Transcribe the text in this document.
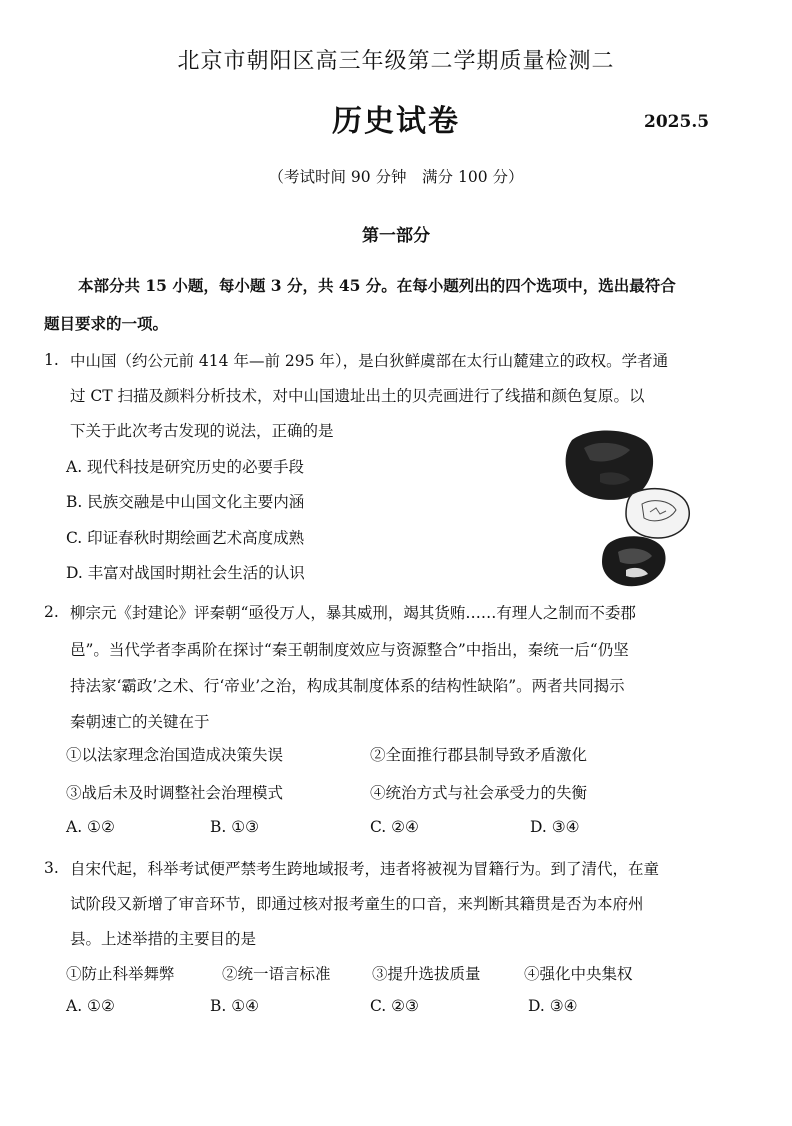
北京市朝阳区高三年级第二学期质量检测二
历史试卷	2025.5
（考试时间 90 分钟　满分 100 分）
第一部分
本部分共 15 小题，每小题 3 分，共 45 分。在每小题列出的四个选项中，选出最符合
题目要求的一项。
1. 中山国（约公元前 414 年—前 295 年），是白狄鲜虞部在太行山麓建立的政权。学者通
过 CT 扫描及颜料分析技术，对中山国遗址出土的贝壳画进行了线描和颜色复原。以
下关于此次考古发现的说法，正确的是
A. 现代科技是研究历史的必要手段
B. 民族交融是中山国文化主要内涵
C. 印证春秋时期绘画艺术高度成熟
D. 丰富对战国时期社会生活的认识
2. 柳宗元《封建论》评秦朝“亟役万人，暴其威刑，竭其货贿……有理人之制而不委郡
邑”。当代学者李禹阶在探讨“秦王朝制度效应与资源整合”中指出，秦统一后“仍坚
持法家‘霸政’之术、行‘帝业’之治，构成其制度体系的结构性缺陷”。两者共同揭示
秦朝速亡的关键在于
①以法家理念治国造成决策失误	②全面推行郡县制导致矛盾激化
③战后未及时调整社会治理模式	④统治方式与社会承受力的失衡
A. ①②	B. ①③	C. ②④	D. ③④
3. 自宋代起，科举考试便严禁考生跨地域报考，违者将被视为冒籍行为。到了清代，在童
试阶段又新增了审音环节，即通过核对报考童生的口音，来判断其籍贯是否为本府州
县。上述举措的主要目的是
①防止科举舞弊	②统一语言标准	③提升选拔质量	④强化中央集权
A. ①②	B. ①④	C. ②③	D. ③④
